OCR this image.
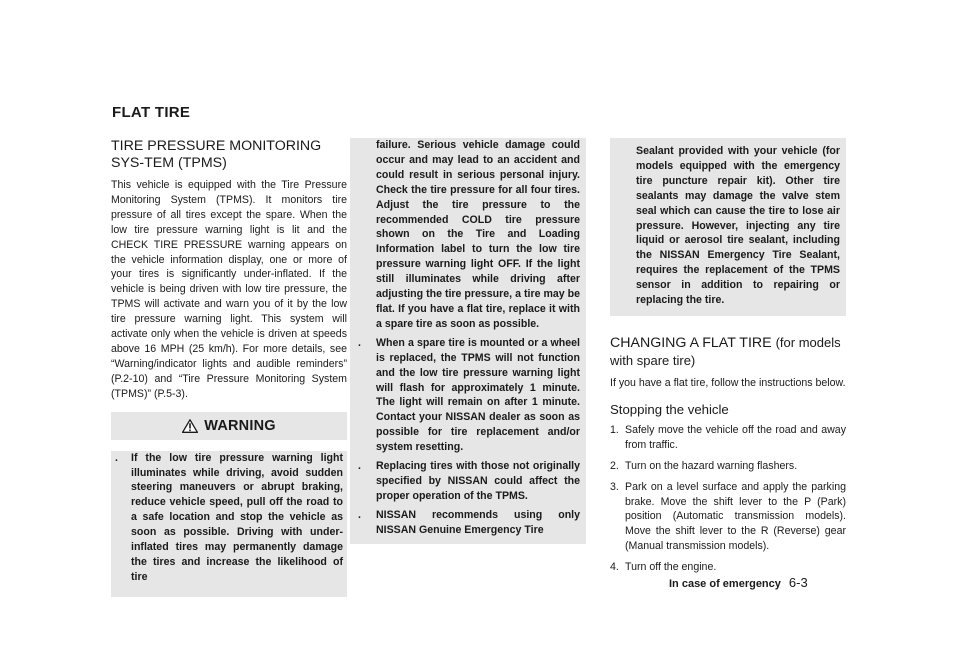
FLAT TIRE
TIRE PRESSURE MONITORING SYS-TEM (TPMS)

This vehicle is equipped with the Tire Pressure Monitoring System (TPMS). It monitors tire pressure of all tires except the spare. When the low tire pressure warning light is lit and the CHECK TIRE PRESSURE warning appears on the vehicle information display, one or more of your tires is significantly under-inflated. If the vehicle is being driven with low tire pressure, the TPMS will activate and warn you of it by the low tire pressure warning light. This system will activate only when the vehicle is driven at speeds above 16 MPH (25 km/h). For more details, see “Warning/indicator lights and audible reminders” (P.2-10) and “Tire Pressure Monitoring System (TPMS)” (P.5-3).

WARNING
.	If the low tire pressure warning light illuminates while driving, avoid sudden steering maneuvers or abrupt braking, reduce vehicle speed, pull off the road to a safe location and stop the vehicle as soon as possible. Driving with under-inflated tires may permanently damage the tires and increase the likelihood of tire
failure. Serious vehicle damage could occur and may lead to an accident and could result in serious personal injury. Check the tire pressure for all four tires. Adjust the tire pressure to the recommended COLD tire pressure shown on the Tire and Loading Information label to turn the low tire pressure warning light OFF. If the light still illuminates while driving after adjusting the tire pressure, a tire may be flat. If you have a flat tire, replace it with a spare tire as soon as possible.
.	When a spare tire is mounted or a wheel is replaced, the TPMS will not function and the low tire pressure warning light will flash for approximately 1 minute. The light will remain on after 1 minute. Contact your NISSAN dealer as soon as possible for tire replacement and/or system resetting.
.	Replacing tires with those not originally specified by NISSAN could affect the proper operation of the TPMS.
.	NISSAN recommends using only NISSAN Genuine Emergency Tire
Sealant provided with your vehicle (for models equipped with the emergency tire puncture repair kit). Other tire sealants may damage the valve stem seal which can cause the tire to lose air pressure. However, injecting any tire liquid or aerosol tire sealant, including the NISSAN Emergency Tire Sealant, requires the replacement of the TPMS sensor in addition to repairing or replacing the tire.
CHANGING A FLAT TIRE (for models with spare tire)

If you have a flat tire, follow the instructions below.

Stopping the vehicle
1. Safely move the vehicle off the road and away from traffic.
2. Turn on the hazard warning flashers.
3. Park on a level surface and apply the parking brake. Move the shift lever to the P (Park) position (Automatic transmission models). Move the shift lever to the R (Reverse) gear (Manual transmission models).
4. Turn off the engine.
In case of emergency 6-3
